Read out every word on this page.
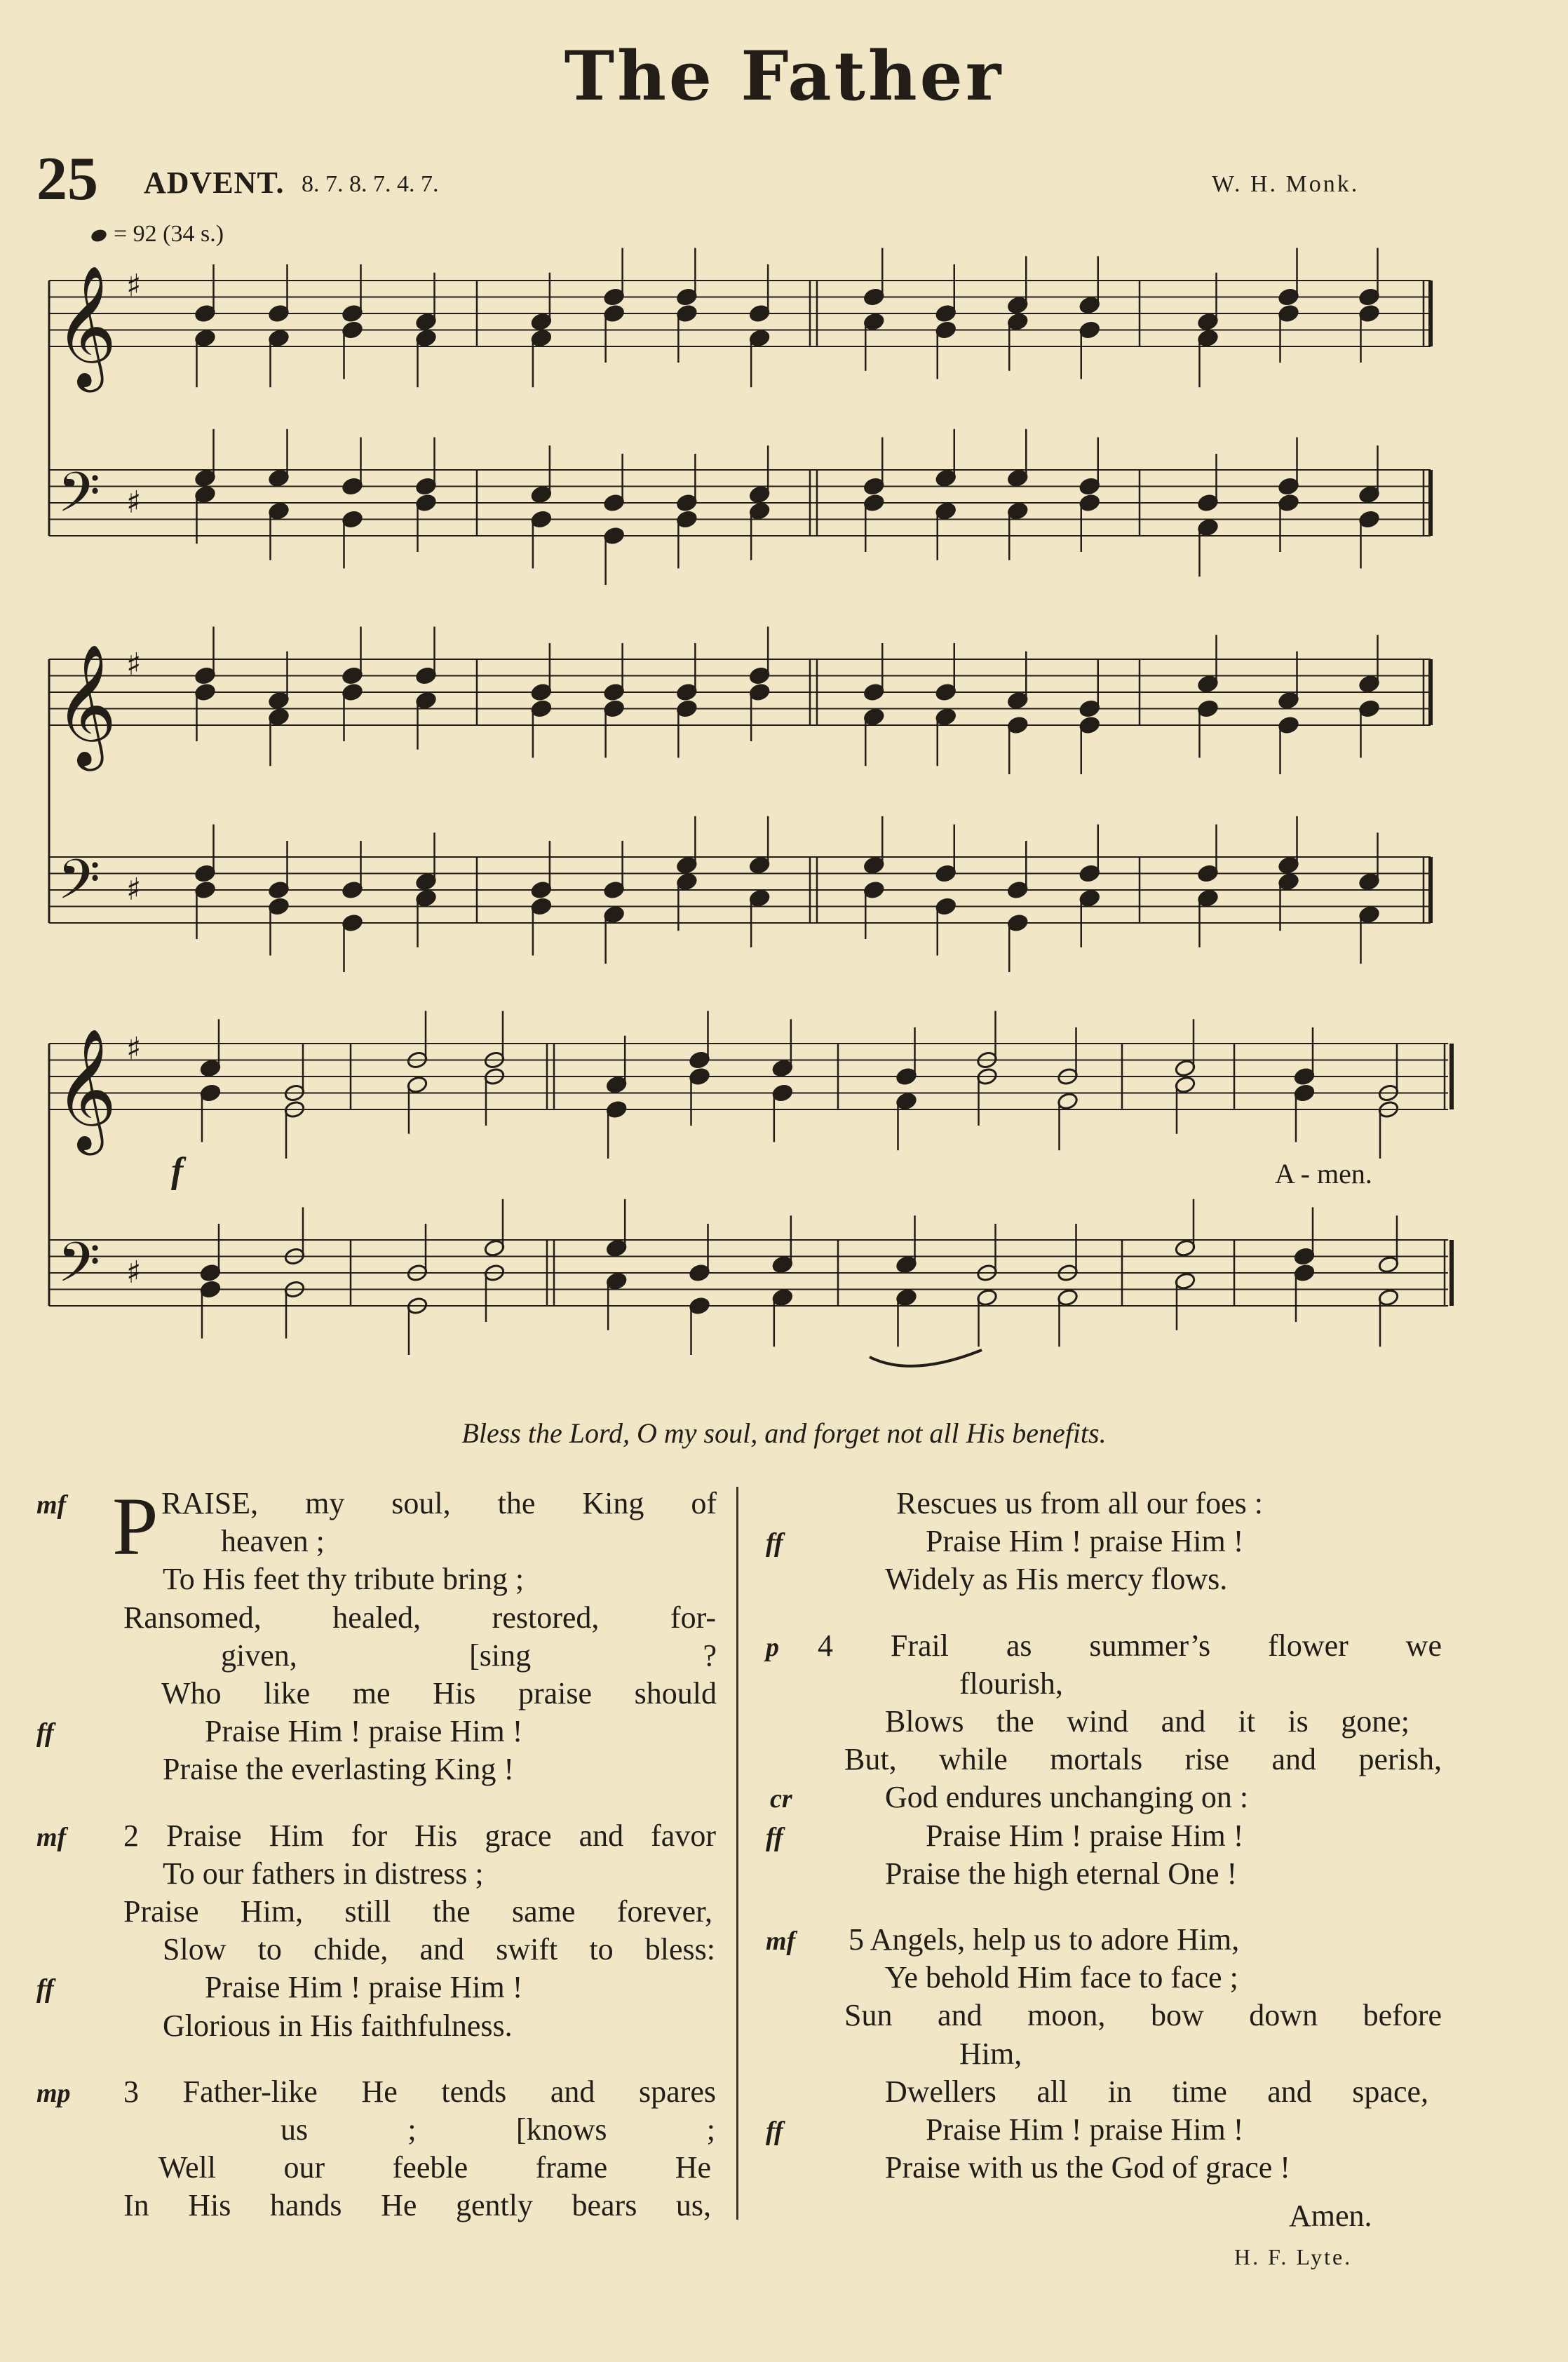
The Father
25 ADVENT. 8. 7. 8. 7. 4. 7.	W. H. Monk.
= 92 (34 s.)
𝄞
𝄢
♯
♯
𝄞
𝄢
♯
♯
𝄞
𝄢
♯
♯
f	A - men.
Bless the Lord, O my soul, and forget not all His benefits.
mf	RAISE, my soul, the King of
P heaven ;
To His feet thy tribute bring ;
Ransomed, healed, restored, for-
given, [sing ?
Who like me His praise should
ff	Praise Him ! praise Him !
Praise the everlasting King !
mf 2 Praise Him for His grace and favor
To our fathers in distress ;
Praise Him, still the same forever,
Slow to chide, and swift to bless:
ff	Praise Him ! praise Him !
Glorious in His faithfulness.
mp 3 Father-like He tends and spares
us ; [knows ;
Well our feeble frame He
In His hands He gently bears us,
Rescues us from all our foes :
ff	Praise Him ! praise Him !
Widely as His mercy flows.
p 4 Frail as summer’s flower we
flourish,
Blows the wind and it is gone;
But, while mortals rise and perish,
cr	God endures unchanging on :
ff	Praise Him ! praise Him !
Praise the high eternal One !
mf 5 Angels, help us to adore Him,
Ye behold Him face to face ;
Sun and moon, bow down before
Him,
Dwellers all in time and space,
ff	Praise Him ! praise Him !
Praise with us the God of grace !
Amen.
H. F. Lyte.
